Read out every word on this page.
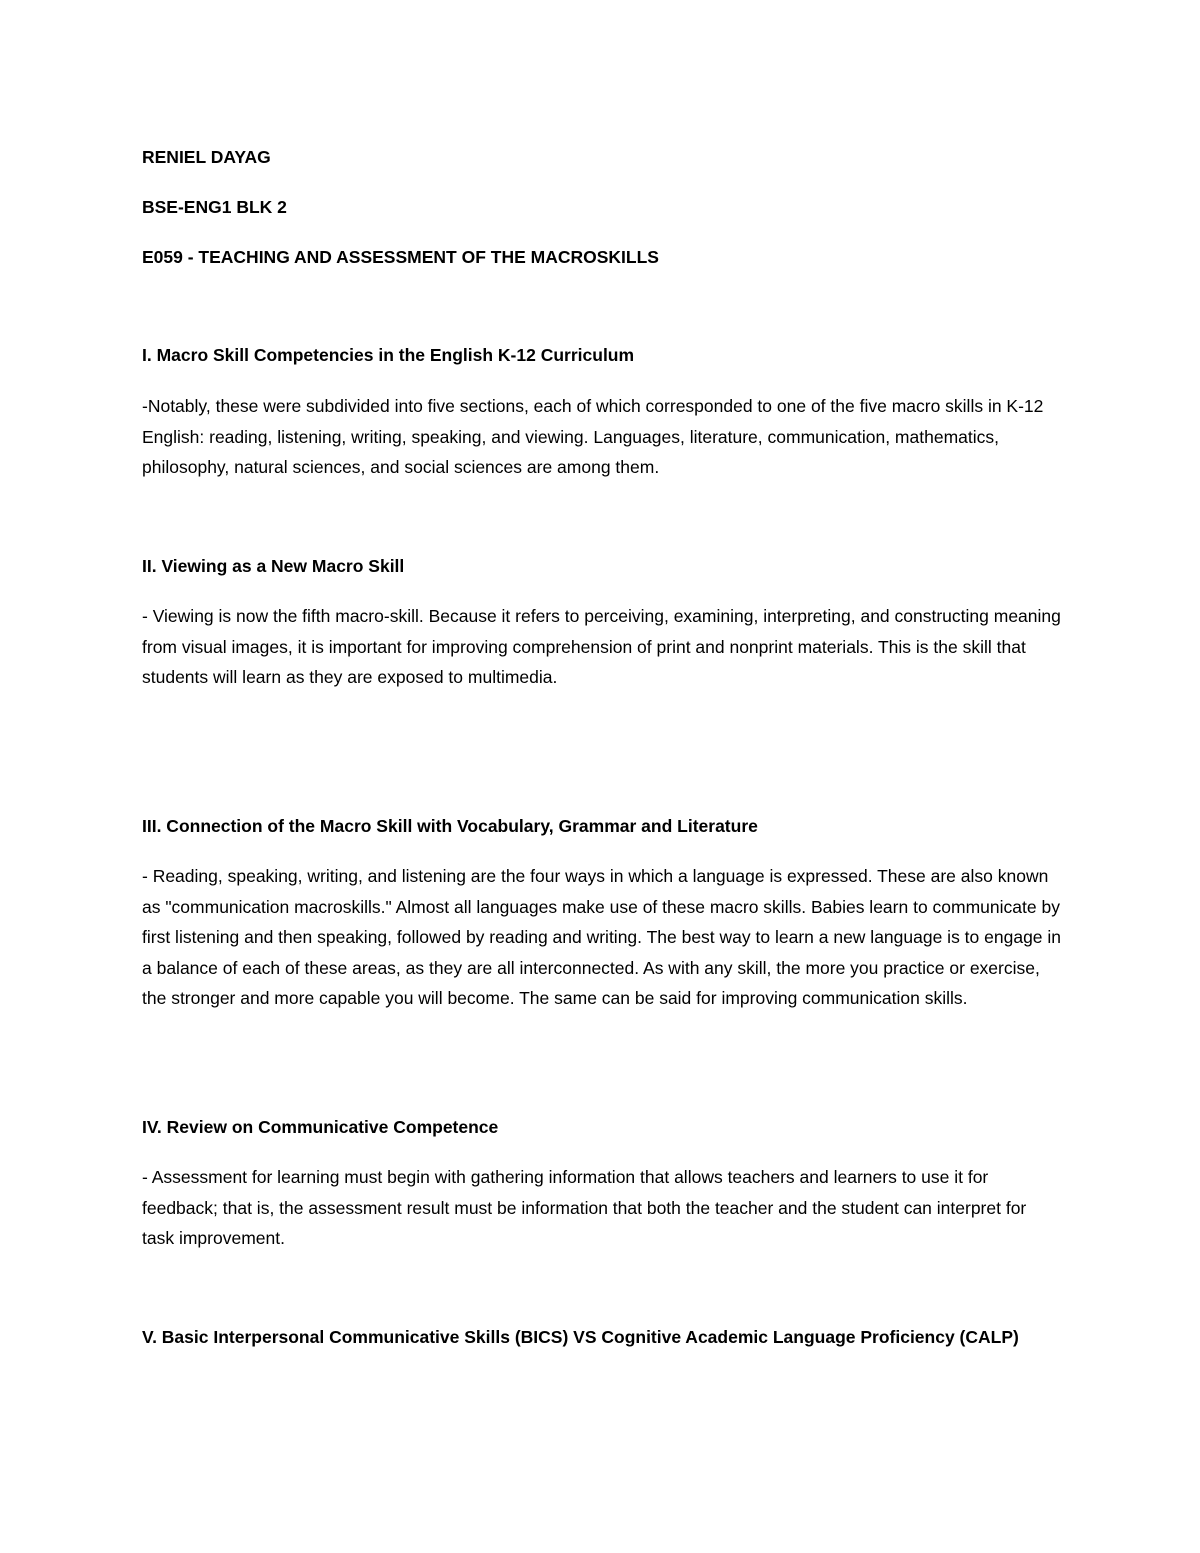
RENIEL DAYAG

BSE-ENG1 BLK 2

E059 - TEACHING AND ASSESSMENT OF THE MACROSKILLS

I. Macro Skill Competencies in the English K-12 Curriculum

-Notably, these were subdivided into five sections, each of which corresponded to one of the five macro skills in K-12 English: reading, listening, writing, speaking, and viewing. Languages, literature, communication, mathematics, philosophy, natural sciences, and social sciences are among them.

II. Viewing as a New Macro Skill

- Viewing is now the fifth macro-skill. Because it refers to perceiving, examining, interpreting, and constructing meaning from visual images, it is important for improving comprehension of print and nonprint materials. This is the skill that students will learn as they are exposed to multimedia.

III. Connection of the Macro Skill with Vocabulary, Grammar and Literature

- Reading, speaking, writing, and listening are the four ways in which a language is expressed. These are also known as "communication macroskills." Almost all languages make use of these macro skills. Babies learn to communicate by first listening and then speaking, followed by reading and writing. The best way to learn a new language is to engage in a balance of each of these areas, as they are all interconnected. As with any skill, the more you practice or exercise, the stronger and more capable you will become. The same can be said for improving communication skills.

IV. Review on Communicative Competence

- Assessment for learning must begin with gathering information that allows teachers and learners to use it for feedback; that is, the assessment result must be information that both the teacher and the student can interpret for task improvement.

V. Basic Interpersonal Communicative Skills (BICS) VS Cognitive Academic Language Proficiency (CALP)
